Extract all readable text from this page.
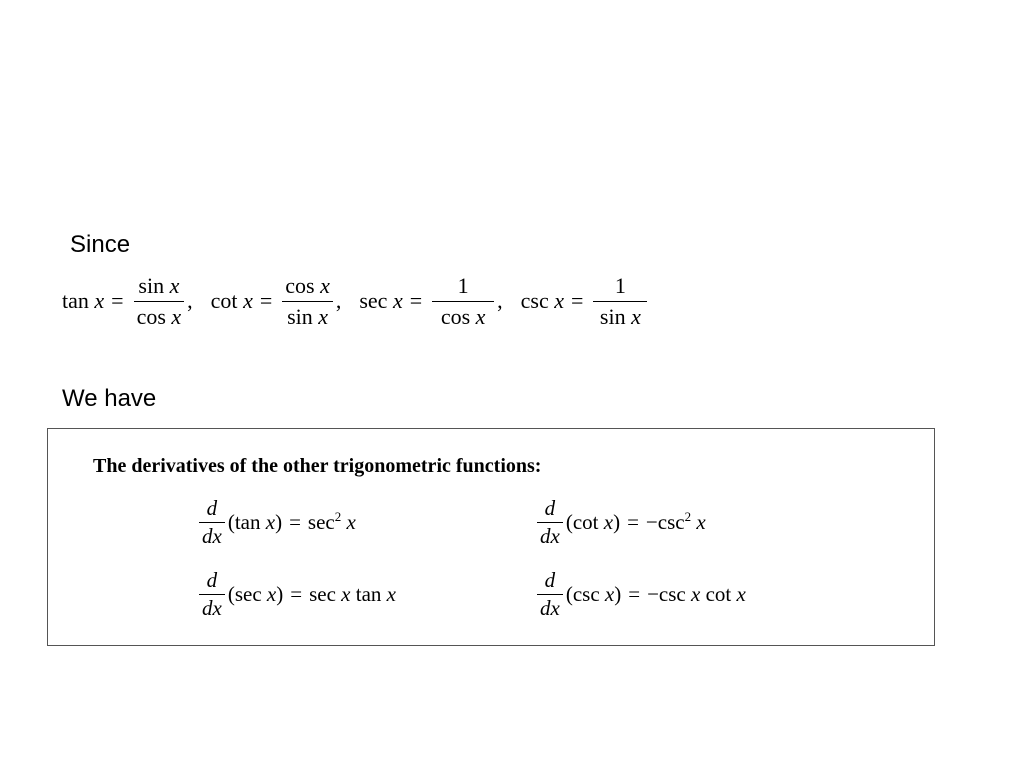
Since
$\tan x = \frac{\text{sin x}}{\text{cos x}}$ , $\cot x = \frac{\text{cos x}}{\text{sin x}}$ , $\sec x = \frac{1}{\text{cos x}}$ , $\csc x = \frac{1}{\text{sin x}}$
We have
The derivatives of the other trigonometric functions:
$\frac{d}{dx} (\tan$ $x) = \sec^2 x$	$\frac{d}{dx} (\cot$ $x) = -\csc^2$ x
$\frac{d}{dx} (\sec$ x) = sec x tan x	$\frac{d}{dx} (\csc$ x) = −csc x cot x
